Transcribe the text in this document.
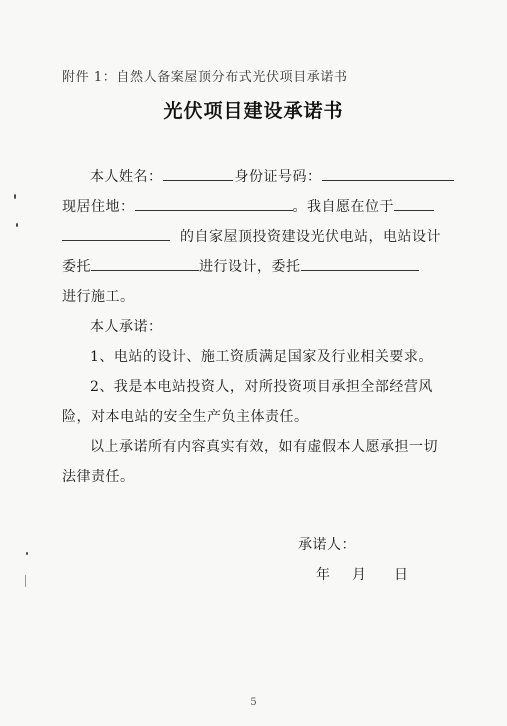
附件 1：自然人备案屋顶分布式光伏项目承诺书
光伏项目建设承诺书
本人姓名：	身份证号码：
现居住地：	。我自愿在位于
的自家屋顶投资建设光伏电站，电站设计
委托	进行设计，委托
进行施工。
本人承诺：
1、电站的设计、施工资质满足国家及行业相关要求。
2、我是本电站投资人，对所投资项目承担全部经营风
险，对本电站的安全生产负主体责任。
以上承诺所有内容真实有效，如有虚假本人愿承担一切
法律责任。
承诺人：
年 月 日
5
